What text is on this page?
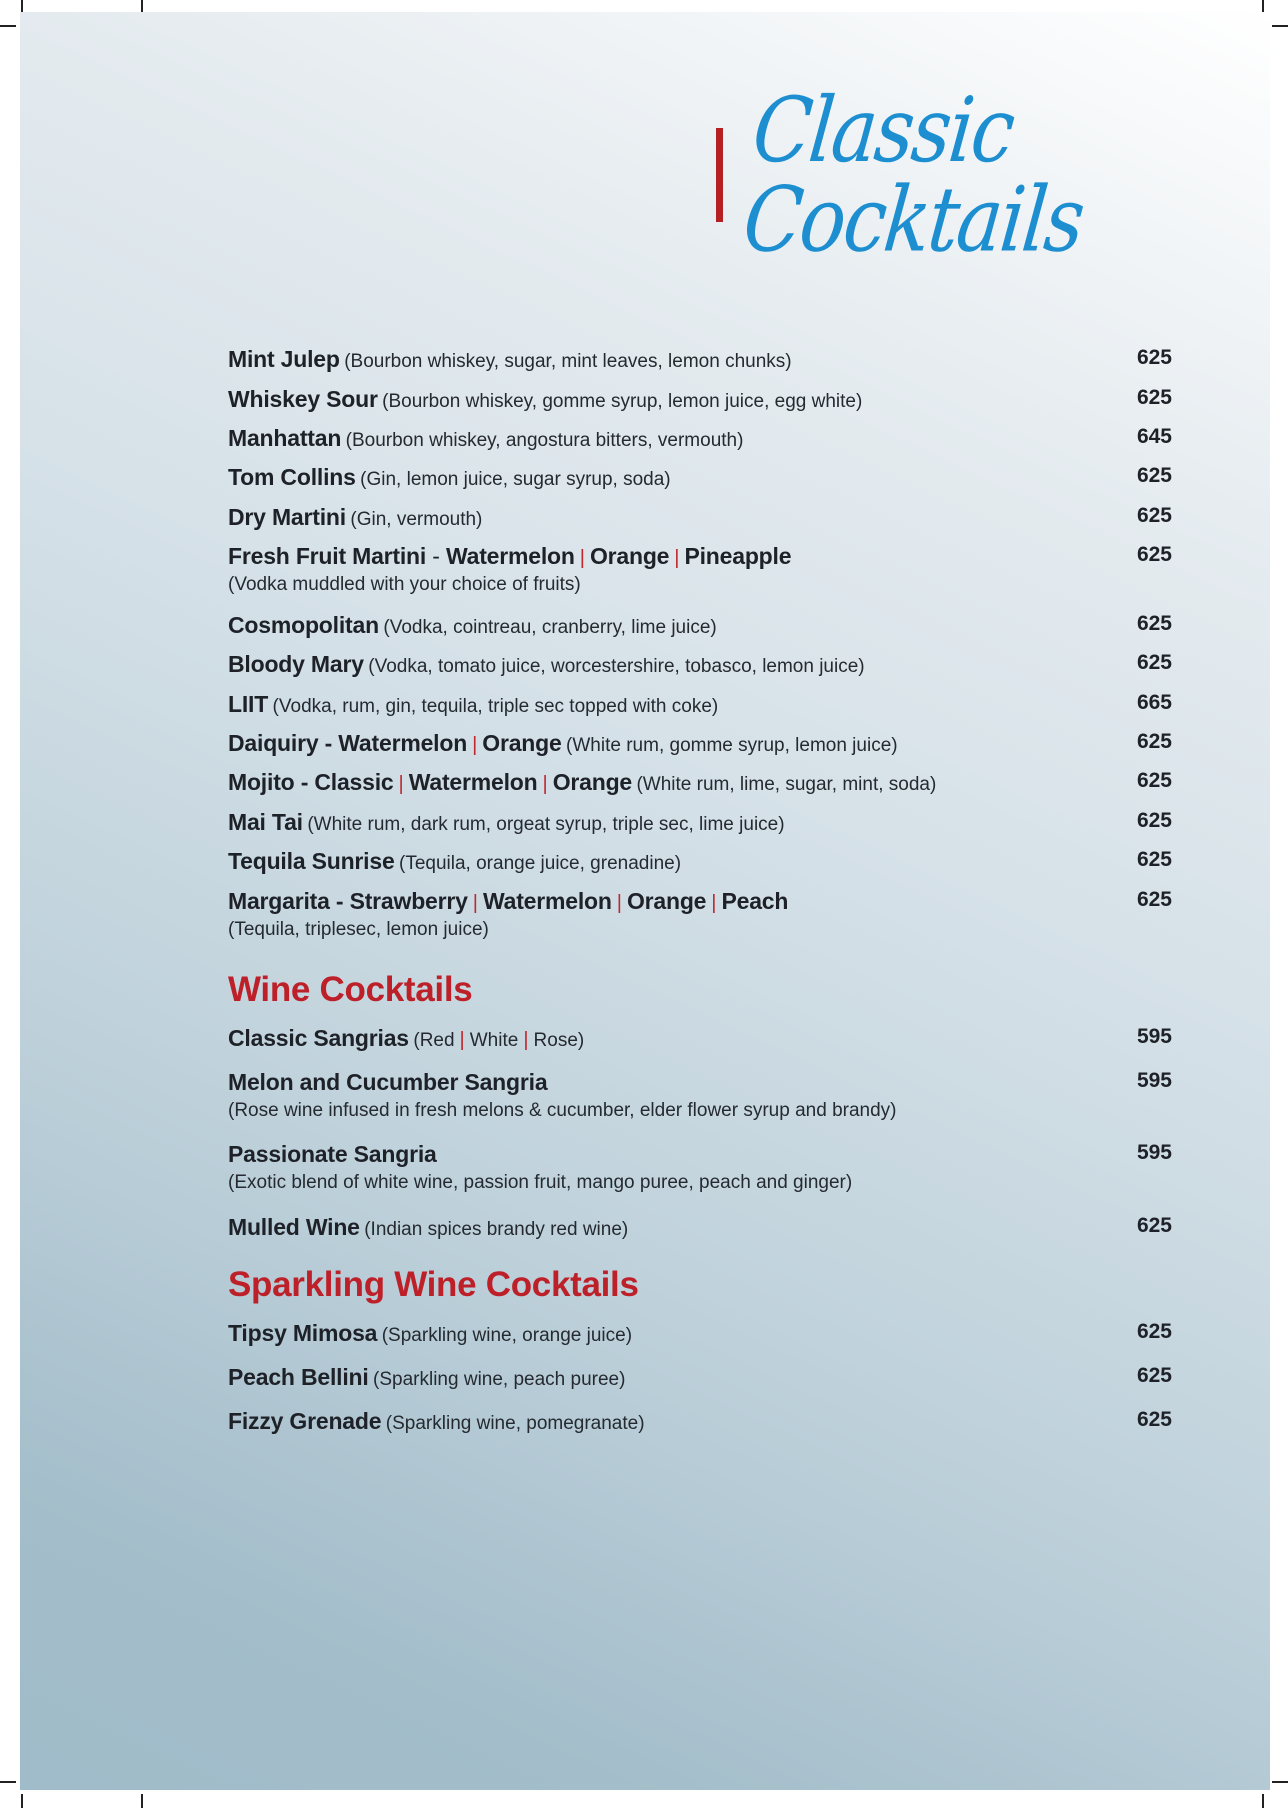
Classic Cocktails
Mint Julep (Bourbon whiskey, sugar, mint leaves, lemon chunks)	625
Whiskey Sour (Bourbon whiskey, gomme syrup, lemon juice, egg white)	625
Manhattan (Bourbon whiskey, angostura bitters, vermouth)	645
Tom Collins (Gin, lemon juice, sugar syrup, soda)	625
Dry Martini (Gin, vermouth)	625
Fresh Fruit Martini - Watermelon | Orange | Pineapple
(Vodka muddled with your choice of fruits)
625
Cosmopolitan (Vodka, cointreau, cranberry, lime juice)	625
Bloody Mary (Vodka, tomato juice, worcestershire, tobasco, lemon juice)	625
LIIT (Vodka, rum, gin, tequila, triple sec topped with coke)	665
Daiquiry - Watermelon | Orange (White rum, gomme syrup, lemon juice)	625
Mojito - Classic | Watermelon | Orange (White rum, lime, sugar, mint, soda)	625
Mai Tai (White rum, dark rum, orgeat syrup, triple sec, lime juice)	625
Tequila Sunrise (Tequila, orange juice, grenadine)	625
Margarita - Strawberry | Watermelon | Orange | Peach
(Tequila, triplesec, lemon juice)
625
Wine Cocktails
Classic Sangrias (Red | White | Rose)	595
Melon and Cucumber Sangria
(Rose wine infused in fresh melons & cucumber, elder flower syrup and brandy)
595
Passionate Sangria
(Exotic blend of white wine, passion fruit, mango puree, peach and ginger)
595
Mulled Wine (Indian spices brandy red wine)	625
Sparkling Wine Cocktails
Tipsy Mimosa (Sparkling wine, orange juice)	625
Peach Bellini (Sparkling wine, peach puree)	625
Fizzy Grenade (Sparkling wine, pomegranate)	625
